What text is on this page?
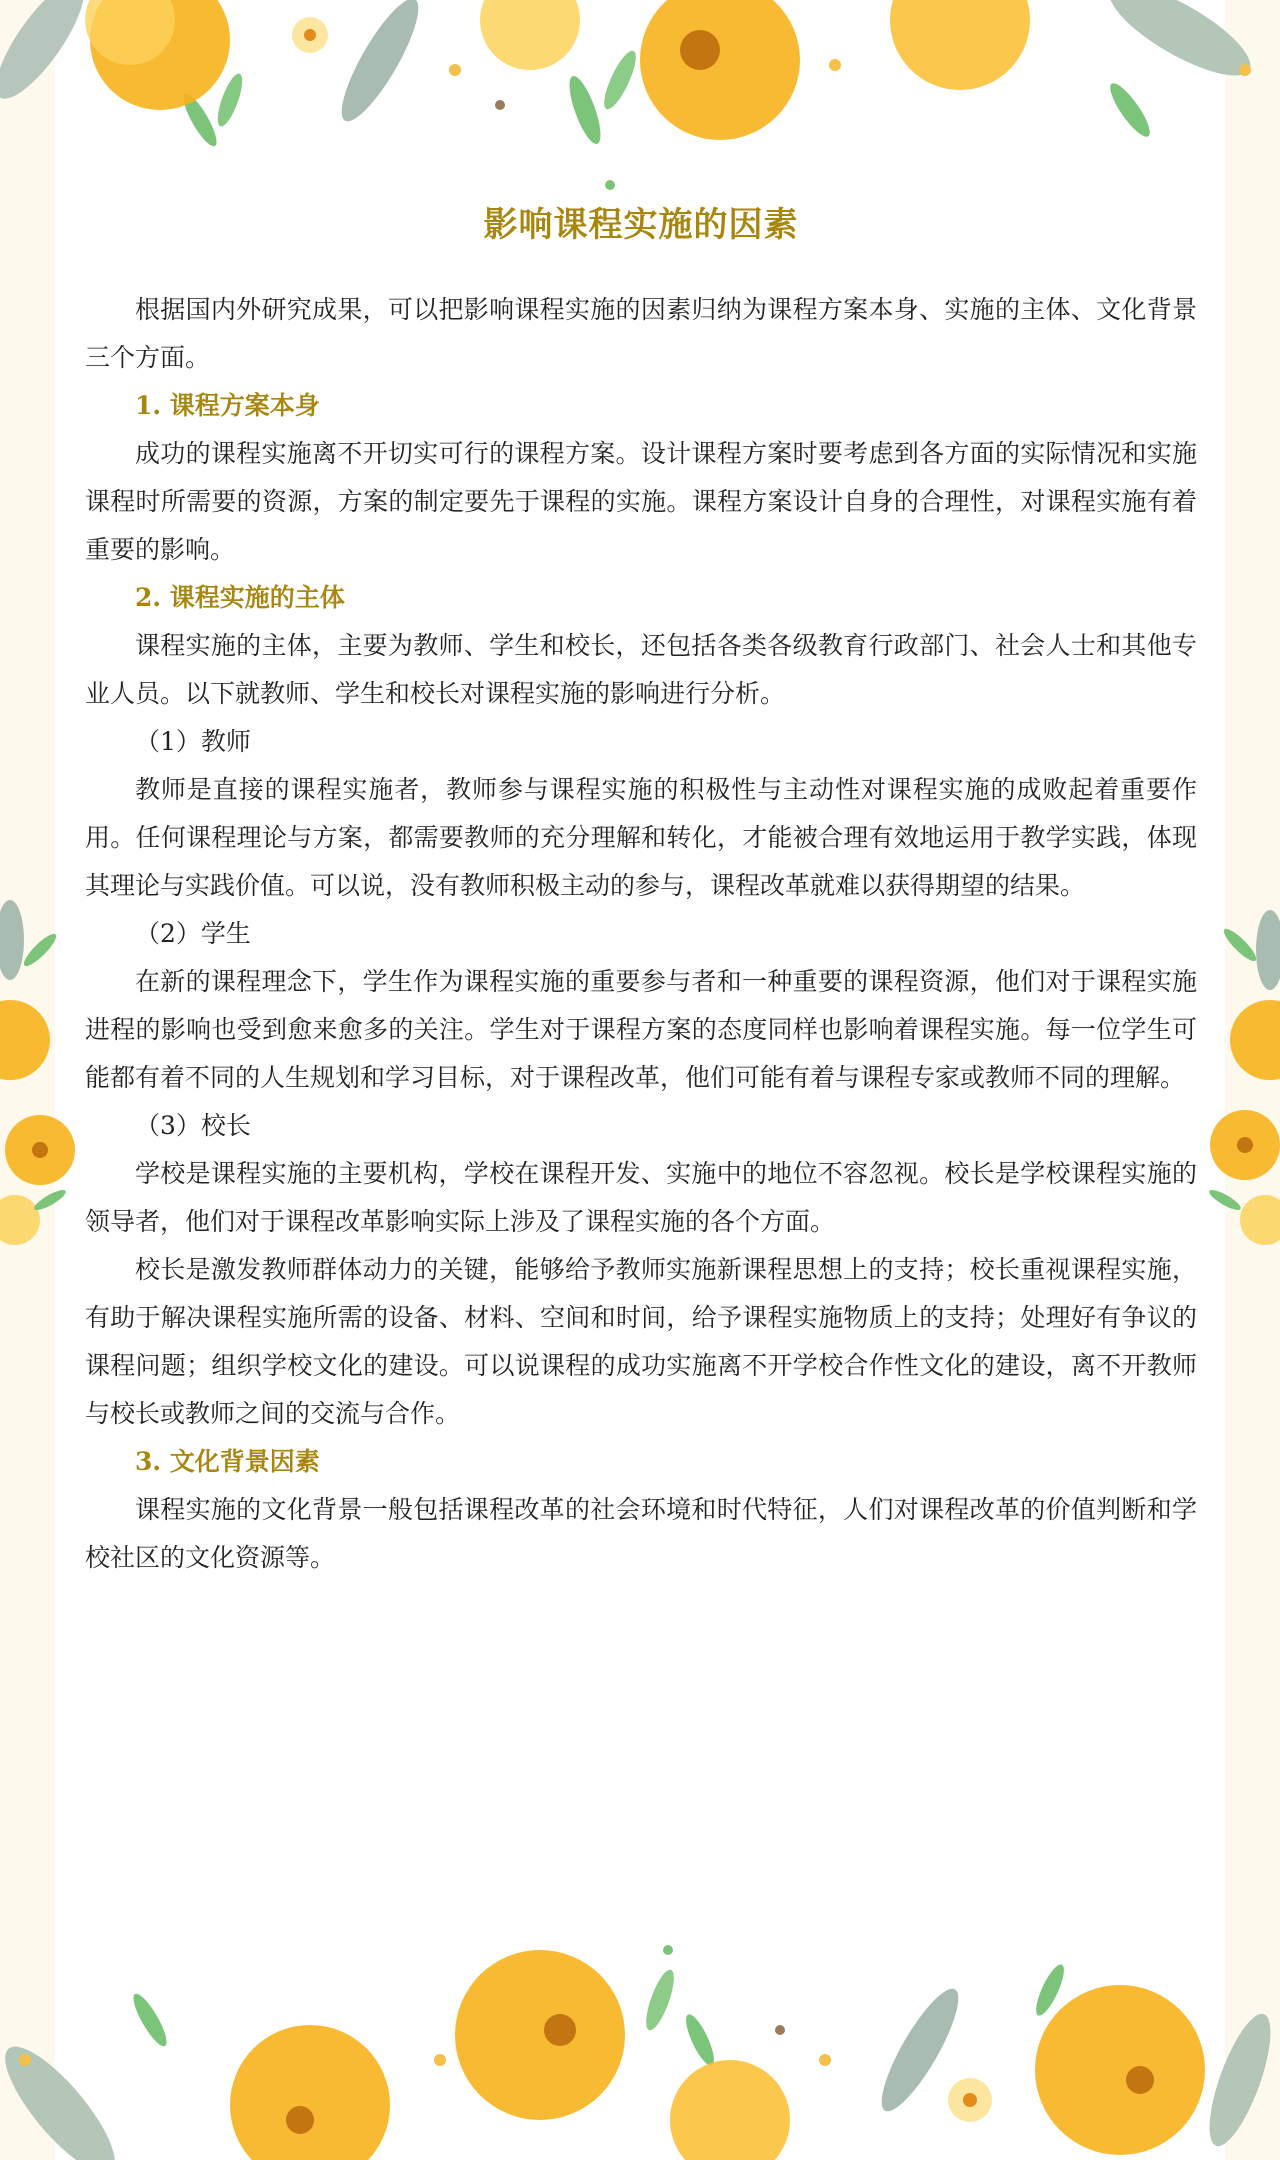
影响课程实施的因素

根据国内外研究成果，可以把影响课程实施的因素归纳为课程方案本身、实施的主体、文化背景三个方面。

1. 课程方案本身

成功的课程实施离不开切实可行的课程方案。设计课程方案时要考虑到各方面的实际情况和实施课程时所需要的资源，方案的制定要先于课程的实施。课程方案设计自身的合理性，对课程实施有着重要的影响。

2. 课程实施的主体

课程实施的主体，主要为教师、学生和校长，还包括各类各级教育行政部门、社会人士和其他专业人员。以下就教师、学生和校长对课程实施的影响进行分析。

（1）教师

教师是直接的课程实施者，教师参与课程实施的积极性与主动性对课程实施的成败起着重要作用。任何课程理论与方案，都需要教师的充分理解和转化，才能被合理有效地运用于教学实践，体现其理论与实践价值。可以说，没有教师积极主动的参与，课程改革就难以获得期望的结果。

（2）学生

在新的课程理念下，学生作为课程实施的重要参与者和一种重要的课程资源，他们对于课程实施进程的影响也受到愈来愈多的关注。学生对于课程方案的态度同样也影响着课程实施。每一位学生可能都有着不同的人生规划和学习目标，对于课程改革，他们可能有着与课程专家或教师不同的理解。

（3）校长

学校是课程实施的主要机构，学校在课程开发、实施中的地位不容忽视。校长是学校课程实施的领导者，他们对于课程改革影响实际上涉及了课程实施的各个方面。

校长是激发教师群体动力的关键，能够给予教师实施新课程思想上的支持；校长重视课程实施，有助于解决课程实施所需的设备、材料、空间和时间，给予课程实施物质上的支持；处理好有争议的课程问题；组织学校文化的建设。可以说课程的成功实施离不开学校合作性文化的建设，离不开教师与校长或教师之间的交流与合作。

3. 文化背景因素

课程实施的文化背景一般包括课程改革的社会环境和时代特征，人们对课程改革的价值判断和学校社区的文化资源等。
